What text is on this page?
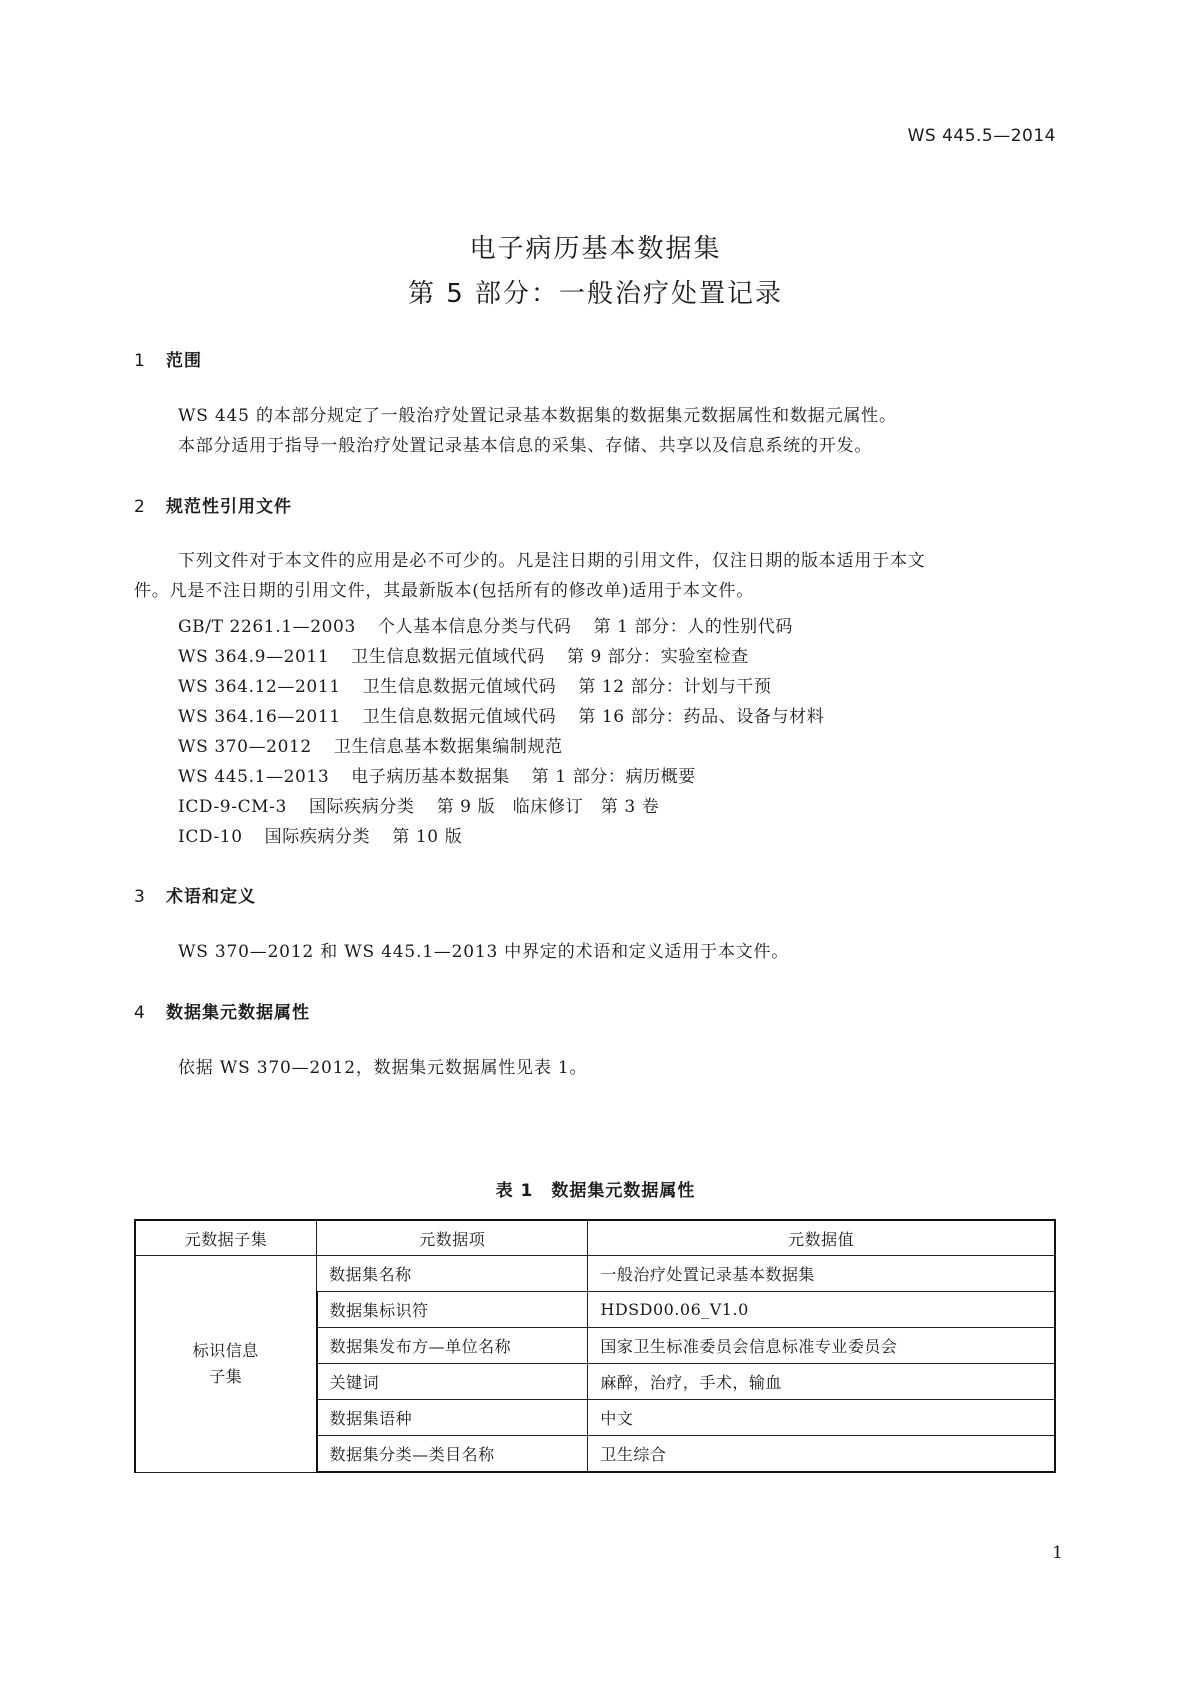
WS 445.5—2014
电子病历基本数据集
第 5 部分：一般治疗处置记录
1 范围
WS 445 的本部分规定了一般治疗处置记录基本数据集的数据集元数据属性和数据元属性。
本部分适用于指导一般治疗处置记录基本信息的采集、存储、共享以及信息系统的开发。
2 规范性引用文件
下列文件对于本文件的应用是必不可少的。凡是注日期的引用文件，仅注日期的版本适用于本文
件。凡是不注日期的引用文件，其最新版本(包括所有的修改单)适用于本文件。
GB/T 2261.1—2003 个人基本信息分类与代码 第 1 部分：人的性别代码
WS 364.9—2011 卫生信息数据元值域代码 第 9 部分：实验室检查
WS 364.12—2011 卫生信息数据元值域代码 第 12 部分：计划与干预
WS 364.16—2011 卫生信息数据元值域代码 第 16 部分：药品、设备与材料
WS 370—2012 卫生信息基本数据集编制规范
WS 445.1—2013 电子病历基本数据集 第 1 部分：病历概要
ICD-9-CM-3 国际疾病分类 第 9 版　临床修订　第 3 卷
ICD-10 国际疾病分类 第 10 版
3 术语和定义
WS 370—2012 和 WS 445.1—2013 中界定的术语和定义适用于本文件。
4 数据集元数据属性
依据 WS 370—2012，数据集元数据属性见表 1。
表 1　数据集元数据属性
元数据子集	元数据项	元数据值

标识信息
子集	数据集名称	一般治疗处置记录基本数据集
	数据集标识符	HDSD00.06_V1.0
	数据集发布方—单位名称	国家卫生标准委员会信息标准专业委员会
	关键词	麻醉，治疗，手术，输血
	数据集语种	中文
	数据集分类—类目名称	卫生综合
1
